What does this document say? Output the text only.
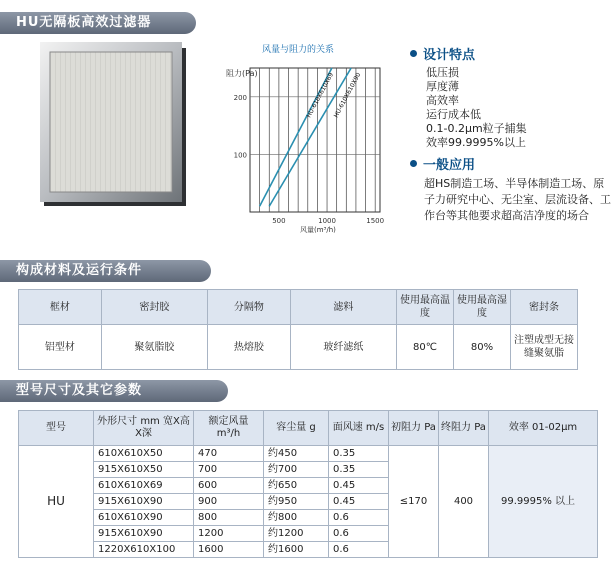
HU无隔板高效过滤器
构成材料及运行条件
型号尺寸及其它参数
风量与阻力的关系
阻力(Pa)	HU-610X610X69
HU-610X610X90
500	1000	1500
100
200
风量(m³/h)
设计特点
低压损
厚度薄
高效率
运行成本低
0.1-0.2μm粒子捕集
效率99.9995%以上
一般应用
超HS制造工场、半导体制造工场、原子力研究中心、无尘室、层流设备、工作台等其他要求超高洁净度的场合
框材	密封胶	分隔物	滤料	使用最高温度	使用最高湿度	密封条
铝型材	聚氨脂胶	热熔胶	玻纤滤纸	80℃	80%	注塑成型无接缝聚氨脂
型号	外形尺寸 mm 宽X高X深	额定风量 m³/h	容尘量 g	面风速 m/s	初阻力 Pa	终阻力 Pa	效率 01-02μm
HU	610X610X50	470	约450	0.35	≤170	400	99.9995% 以上
	915X610X50	700	约700	0.35			
	610X610X69	600	约650	0.45			
	915X610X90	900	约950	0.45			
	610X610X90	800	约800	0.6			
	915X610X90	1200	约1200	0.6			
	1220X610X100	1600	约1600	0.6			
